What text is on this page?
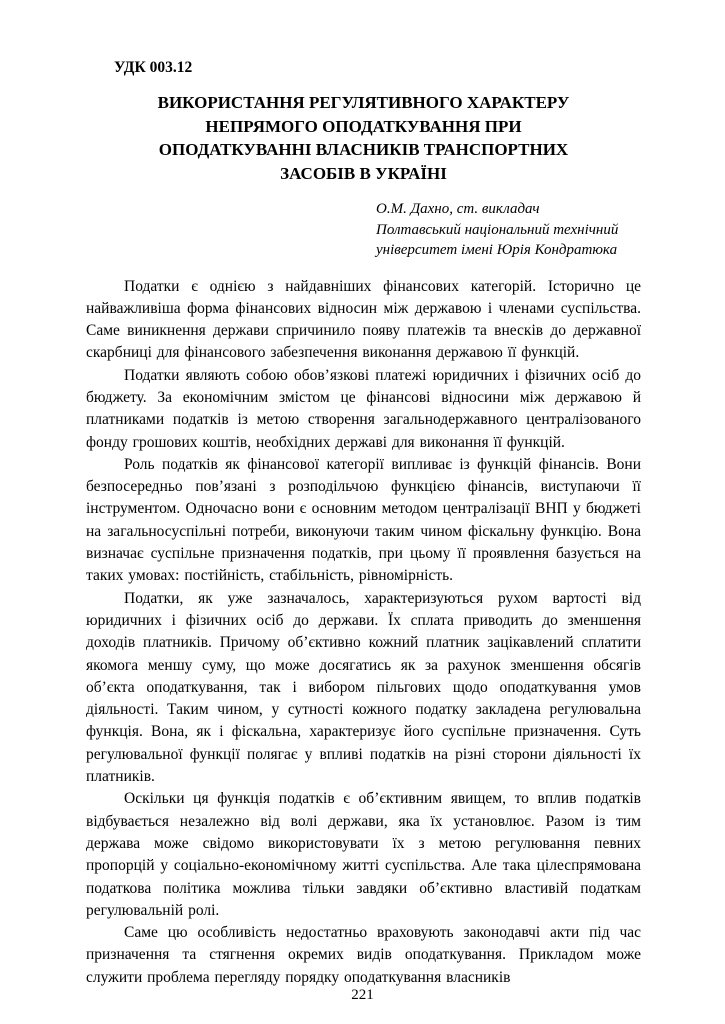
УДК 003.12
ВИКОРИСТАННЯ РЕГУЛЯТИВНОГО ХАРАКТЕРУ
НЕПРЯМОГО ОПОДАТКУВАННЯ ПРИ
ОПОДАТКУВАННІ ВЛАСНИКІВ ТРАНСПОРТНИХ
ЗАСОБІВ В УКРАЇНІ
О.М. Дахно, ст. викладач
Полтавський національний технічний
університет імені Юрія Кондратюка

Податки є однією з найдавніших фінансових категорій. Історично це найважливіша форма фінансових відносин між державою і членами суспільства. Саме виникнення держави спричинило появу платежів та внесків до державної скарбниці для фінансового забезпечення виконання державою її функцій.

Податки являють собою обов’язкові платежі юридичних і фізичних осіб до бюджету. За економічним змістом це фінансові відносини між державою й платниками податків із метою створення загальнодержавного централізованого фонду грошових коштів, необхідних державі для виконання її функцій.

Роль податків як фінансової категорії випливає із функцій фінансів. Вони безпосередньо пов’язані з розподільчою функцією фінансів, виступаючи її інструментом. Одночасно вони є основним методом централізації ВНП у бюджеті на загальносуспільні потреби, виконуючи таким чином фіскальну функцію. Вона визначає суспільне призначення податків, при цьому її проявлення базується на таких умовах: постійність, стабільність, рівномірність.

Податки, як уже зазначалось, характеризуються рухом вартості від юридичних і фізичних осіб до держави. Їх сплата приводить до зменшення доходів платників. Причому об’єктивно кожний платник зацікавлений сплатити якомога меншу суму, що може досягатись як за рахунок зменшення обсягів об’єкта оподаткування, так і вибором пільгових щодо оподаткування умов діяльності. Таким чином, у сутності кожного податку закладена регулювальна функція. Вона, як і фіскальна, характеризує його суспільне призначення. Суть регулювальної функції полягає у впливі податків на різні сторони діяльності їх платників.

Оскільки ця функція податків є об’єктивним явищем, то вплив податків відбувається незалежно від волі держави, яка їх установлює. Разом із тим держава може свідомо використовувати їх з метою регулювання певних пропорцій у соціально-економічному житті суспільства. Але така цілеспрямована податкова політика можлива тільки завдяки об’єктивно властивій податкам регулювальній ролі.

Саме цю особливість недостатньо враховують законодавчі акти під час призначення та стягнення окремих видів оподаткування. Прикладом може служити проблема перегляду порядку оподаткування власників

221
